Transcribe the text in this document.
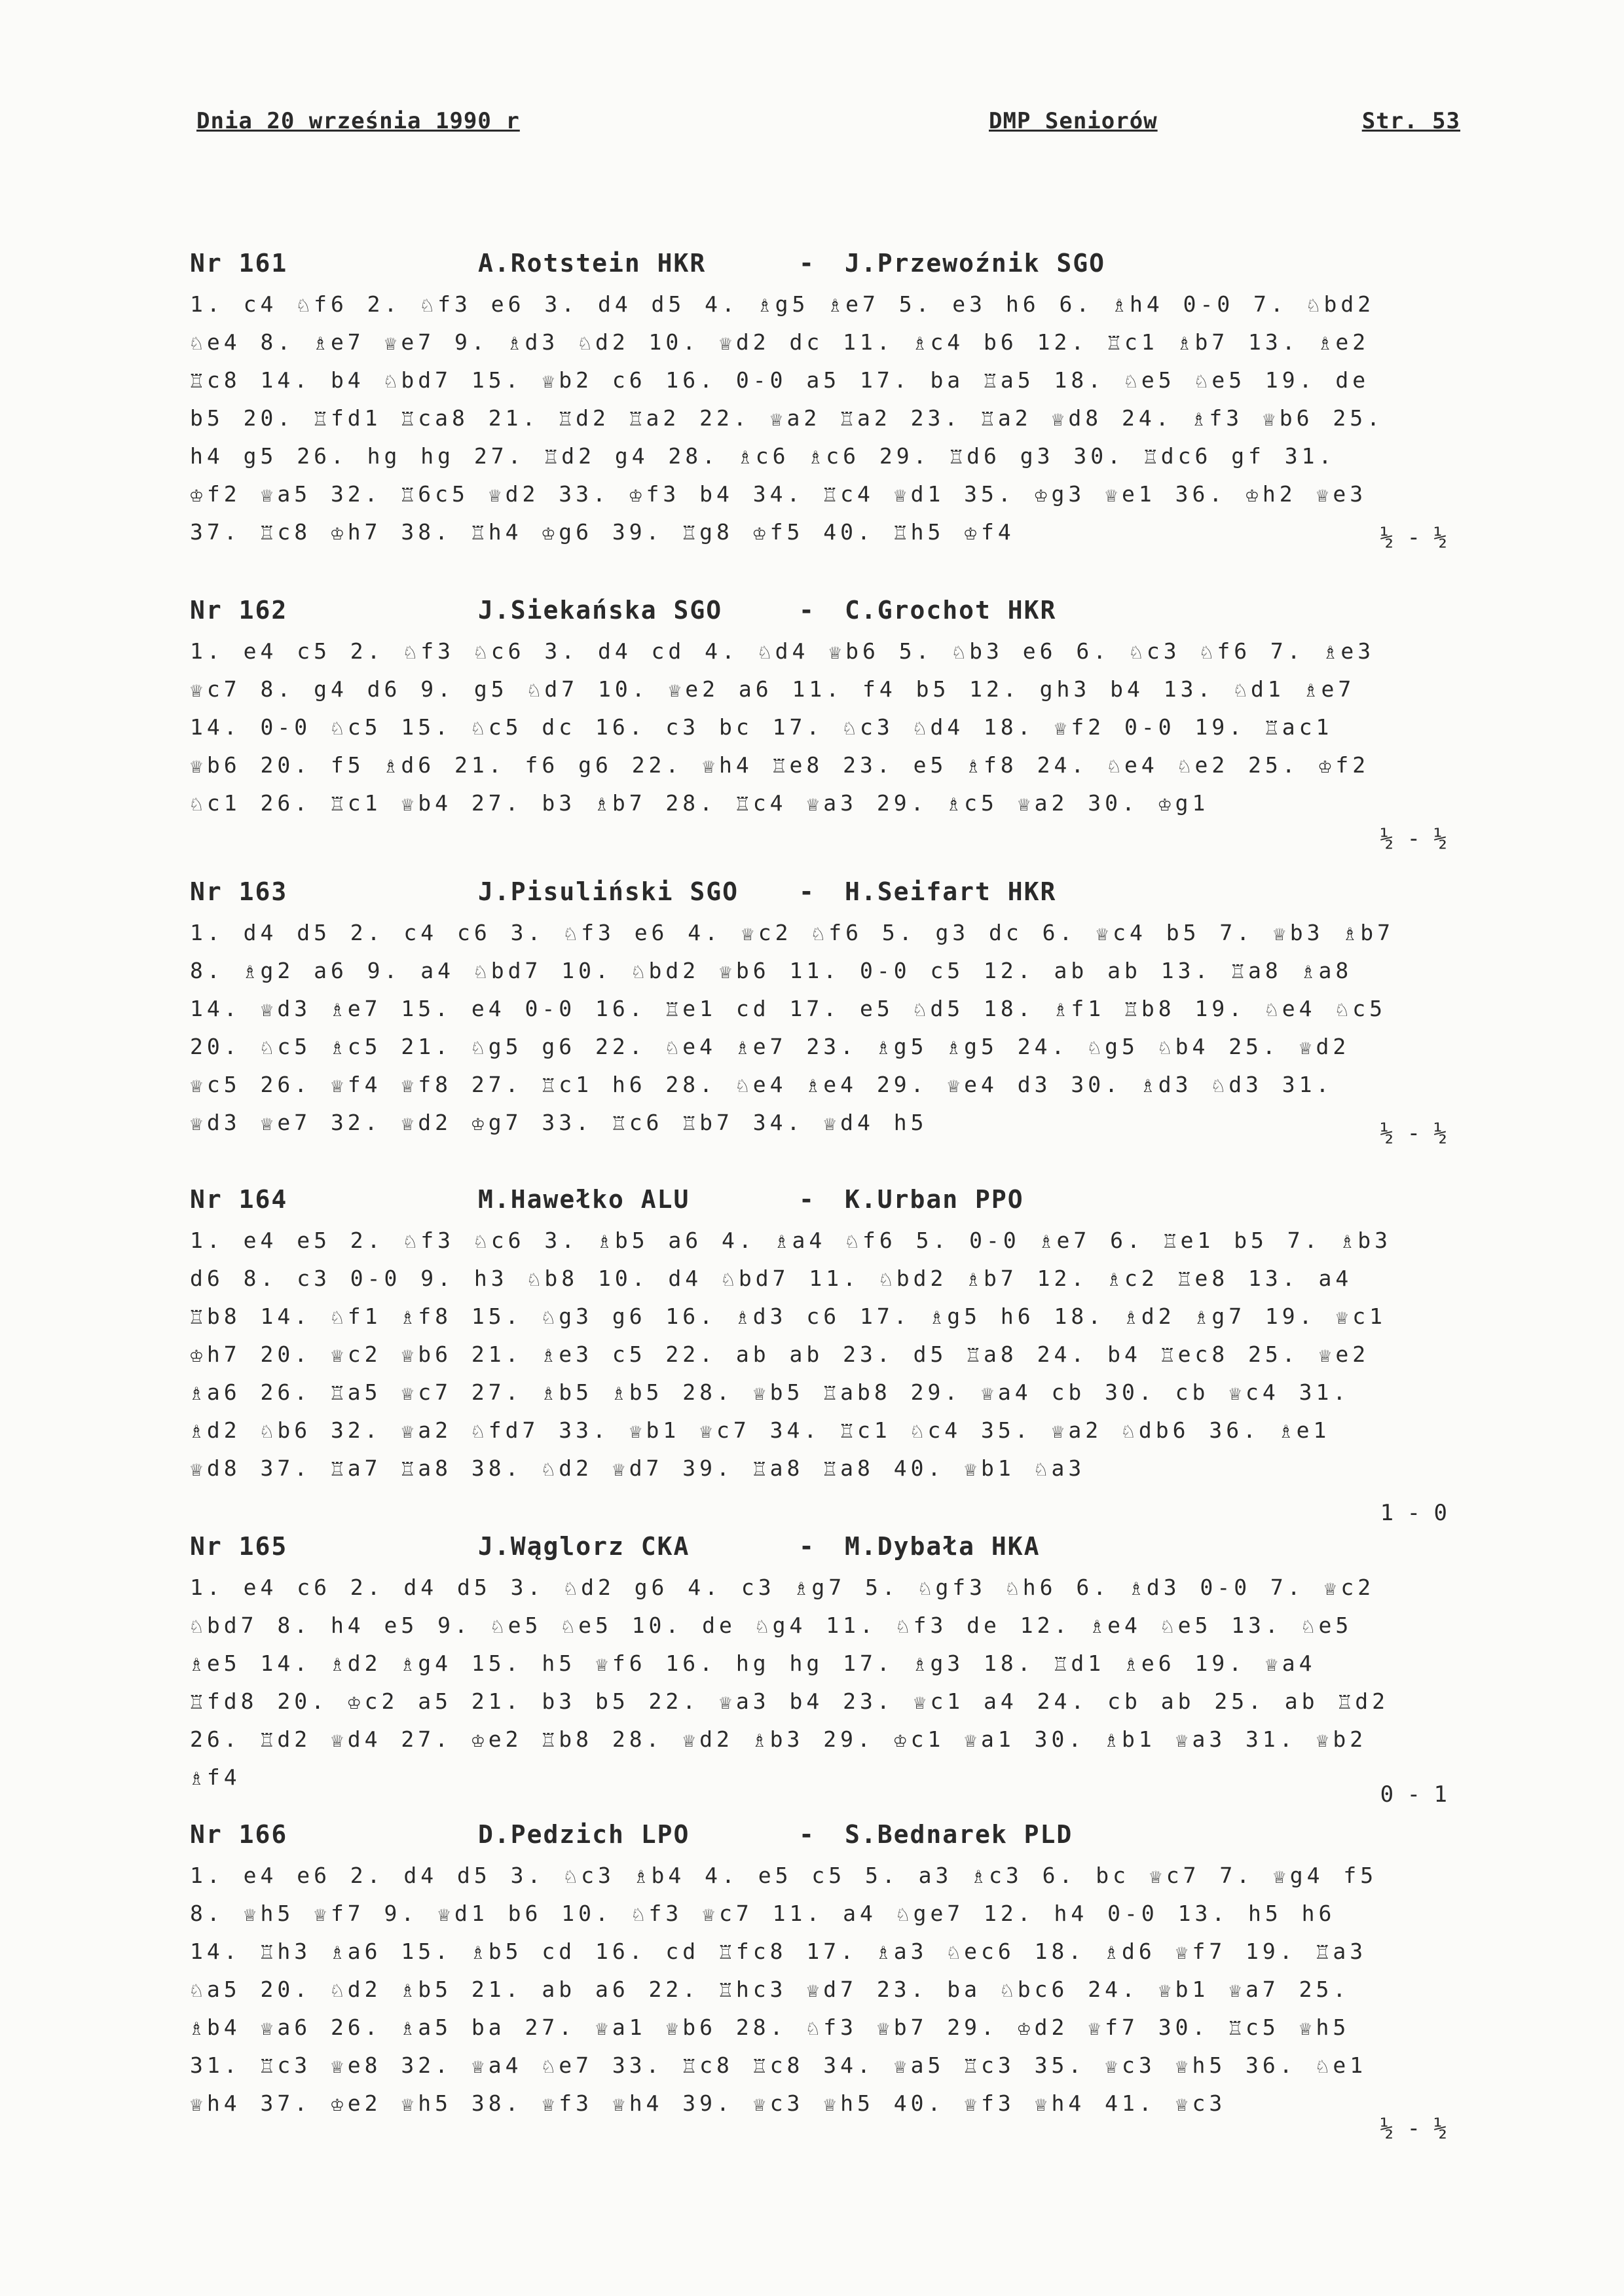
Dnia 20 września 1990 r	DMP Seniorów	Str. 53
Nr 161	A.Rotstein HKR	- J.Przewoźnik SGO
1. c4 ♘f6 2. ♘f3 e6 3. d4 d5 4. ♗g5 ♗e7 5. e3 h6 6. ♗h4 0-0 7. ♘bd2 ♘e4 8. ♗e7 ♕e7 9. ♗d3 ♘d2 10. ♕d2 dc 11. ♗c4 b6 12. ♖c1 ♗b7 13. ♗e2 ♖c8 14. b4 ♘bd7 15. ♕b2 c6 16. 0-0 a5 17. ba ♖a5 18. ♘e5 ♘e5 19. de b5 20. ♖fd1 ♖ca8 21. ♖d2 ♖a2 22. ♕a2 ♖a2 23. ♖a2 ♕d8 24. ♗f3 ♕b6 25. h4 g5 26. hg hg 27. ♖d2 g4 28. ♗c6 ♗c6 29. ♖d6 g3 30. ♖dc6 gf 31. ♔f2 ♕a5 32. ♖6c5 ♕d2 33. ♔f3 b4 34. ♖c4 ♕d1 35. ♔g3 ♕e1 36. ♔h2 ♕e3 37. ♖c8 ♔h7 38. ♖h4 ♔g6 39. ♖g8 ♔f5 40. ♖h5 ♔f4	½ - ½
Nr 162	J.Siekańska SGO	- C.Grochot HKR
1. e4 c5 2. ♘f3 ♘c6 3. d4 cd 4. ♘d4 ♕b6 5. ♘b3 e6 6. ♘c3 ♘f6 7. ♗e3 ♕c7 8. g4 d6 9. g5 ♘d7 10. ♕e2 a6 11. f4 b5 12. gh3 b4 13. ♘d1 ♗e7 14. 0-0 ♘c5 15. ♘c5 dc 16. c3 bc 17. ♘c3 ♘d4 18. ♕f2 0-0 19. ♖ac1 ♕b6 20. f5 ♗d6 21. f6 g6 22. ♕h4 ♖e8 23. e5 ♗f8 24. ♘e4 ♘e2 25. ♔f2 ♘c1 26. ♖c1 ♕b4 27. b3 ♗b7 28. ♖c4 ♕a3 29. ♗c5 ♕a2 30. ♔g1
½ - ½
Nr 163	J.Pisuliński SGO - H.Seifart HKR
1. d4 d5 2. c4 c6 3. ♘f3 e6 4. ♕c2 ♘f6 5. g3 dc 6. ♕c4 b5 7. ♕b3 ♗b7 8. ♗g2 a6 9. a4 ♘bd7 10. ♘bd2 ♕b6 11. 0-0 c5 12. ab ab 13. ♖a8 ♗a8 14. ♕d3 ♗e7 15. e4 0-0 16. ♖e1 cd 17. e5 ♘d5 18. ♗f1 ♖b8 19. ♘e4 ♘c5 20. ♘c5 ♗c5 21. ♘g5 g6 22. ♘e4 ♗e7 23. ♗g5 ♗g5 24. ♘g5 ♘b4 25. ♕d2 ♕c5 26. ♕f4 ♕f8 27. ♖c1 h6 28. ♘e4 ♗e4 29. ♕e4 d3 30. ♗d3 ♘d3 31. ♕d3 ♕e7 32. ♕d2 ♔g7 33. ♖c6 ♖b7 34. ♕d4 h5	½ - ½
Nr 164	M.Hawełko ALU	- K.Urban PPO
1. e4 e5 2. ♘f3 ♘c6 3. ♗b5 a6 4. ♗a4 ♘f6 5. 0-0 ♗e7 6. ♖e1 b5 7. ♗b3 d6 8. c3 0-0 9. h3 ♘b8 10. d4 ♘bd7 11. ♘bd2 ♗b7 12. ♗c2 ♖e8 13. a4 ♖b8 14. ♘f1 ♗f8 15. ♘g3 g6 16. ♗d3 c6 17. ♗g5 h6 18. ♗d2 ♗g7 19. ♕c1 ♔h7 20. ♕c2 ♕b6 21. ♗e3 c5 22. ab ab 23. d5 ♖a8 24. b4 ♖ec8 25. ♕e2 ♗a6 26. ♖a5 ♕c7 27. ♗b5 ♗b5 28. ♕b5 ♖ab8 29. ♕a4 cb 30. cb ♕c4 31. ♗d2 ♘b6 32. ♕a2 ♘fd7 33. ♕b1 ♕c7 34. ♖c1 ♘c4 35. ♕a2 ♘db6 36. ♗e1 ♕d8 37. ♖a7 ♖a8 38. ♘d2 ♕d7 39. ♖a8 ♖a8 40. ♕b1 ♘a3
1 - 0
Nr 165	J.Wąglorz CKA	- M.Dybała HKA
1. e4 c6 2. d4 d5 3. ♘d2 g6 4. c3 ♗g7 5. ♘gf3 ♘h6 6. ♗d3 0-0 7. ♕c2 ♘bd7 8. h4 e5 9. ♘e5 ♘e5 10. de ♘g4 11. ♘f3 de 12. ♗e4 ♘e5 13. ♘e5 ♗e5 14. ♗d2 ♗g4 15. h5 ♕f6 16. hg hg 17. ♗g3 18. ♖d1 ♗e6 19. ♕a4 ♖fd8 20. ♔c2 a5 21. b3 b5 22. ♕a3 b4 23. ♕c1 a4 24. cb ab 25. ab ♖d2 26. ♖d2 ♕d4 27. ♔e2 ♖b8 28. ♕d2 ♗b3 29. ♔c1 ♕a1 30. ♗b1 ♕a3 31. ♕b2 ♗f4
0 - 1
Nr 166	D.Pedzich LPO	- S.Bednarek PLD
1. e4 e6 2. d4 d5 3. ♘c3 ♗b4 4. e5 c5 5. a3 ♗c3 6. bc ♕c7 7. ♕g4 f5 8. ♕h5 ♕f7 9. ♕d1 b6 10. ♘f3 ♕c7 11. a4 ♘ge7 12. h4 0-0 13. h5 h6 14. ♖h3 ♗a6 15. ♗b5 cd 16. cd ♖fc8 17. ♗a3 ♘ec6 18. ♗d6 ♕f7 19. ♖a3 ♘a5 20. ♘d2 ♗b5 21. ab a6 22. ♖hc3 ♕d7 23. ba ♘bc6 24. ♕b1 ♕a7 25. ♗b4 ♕a6 26. ♗a5 ba 27. ♕a1 ♕b6 28. ♘f3 ♕b7 29. ♔d2 ♕f7 30. ♖c5 ♕h5 31. ♖c3 ♕e8 32. ♕a4 ♘e7 33. ♖c8 ♖c8 34. ♕a5 ♖c3 35. ♕c3 ♕h5 36. ♘e1 ♕h4 37. ♔e2 ♕h5 38. ♕f3 ♕h4 39. ♕c3 ♕h5 40. ♕f3 ♕h4 41. ♕c3
½ - ½
